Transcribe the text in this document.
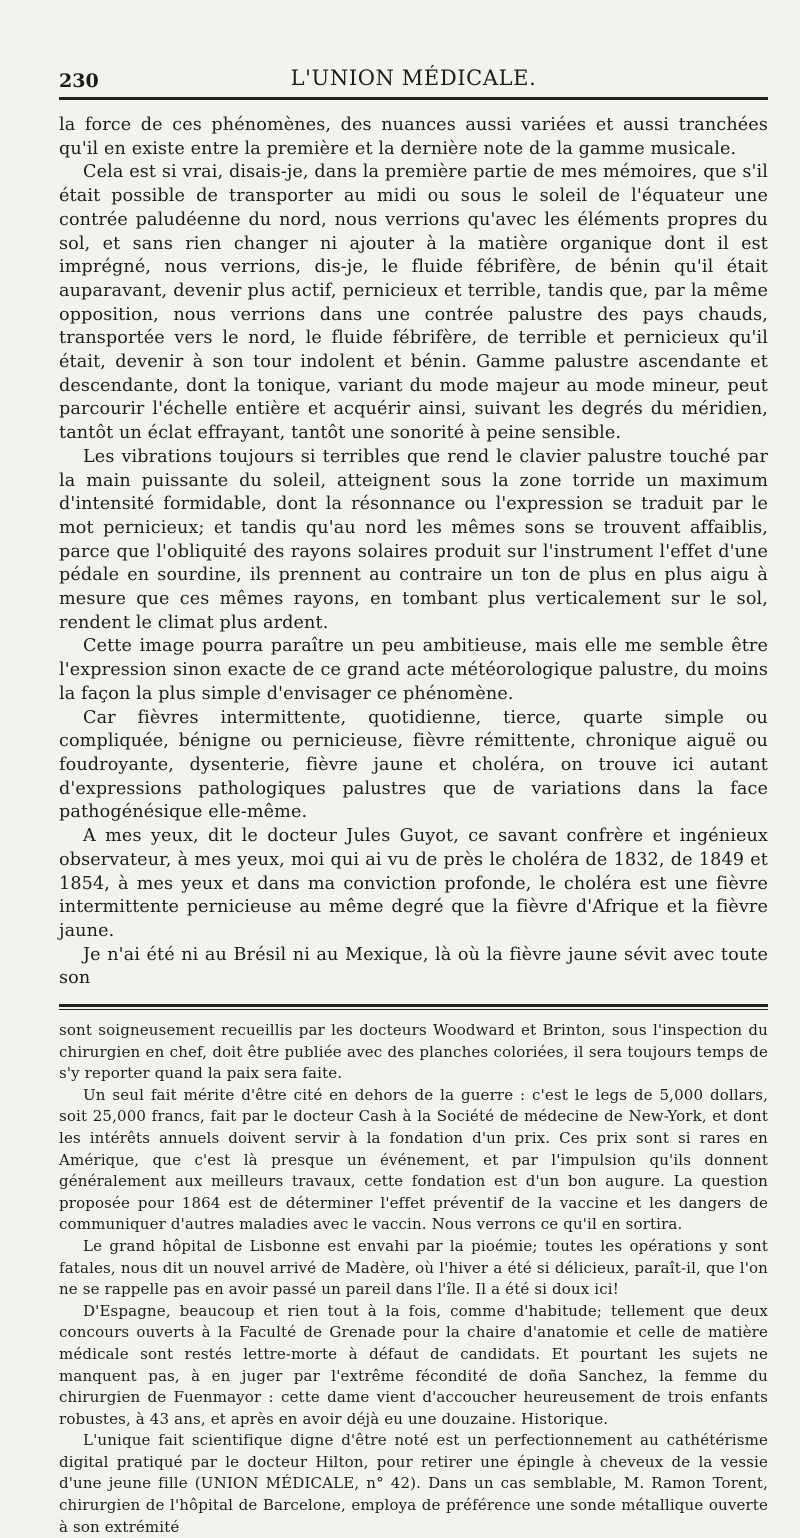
230	L'UNION MÉDICALE.

la force de ces phénomènes, des nuances aussi variées et aussi tranchées qu'il en existe entre la première et la dernière note de la gamme musicale.

Cela est si vrai, disais-je, dans la première partie de mes mémoires, que s'il était possible de transporter au midi ou sous le soleil de l'équateur une contrée paludéenne du nord, nous verrions qu'avec les éléments propres du sol, et sans rien changer ni ajouter à la matière organique dont il est imprégné, nous verrions, dis-je, le fluide fébrifère, de bénin qu'il était auparavant, devenir plus actif, pernicieux et terrible, tandis que, par la même opposition, nous verrions dans une contrée palustre des pays chauds, transportée vers le nord, le fluide fébrifère, de terrible et pernicieux qu'il était, devenir à son tour indolent et bénin. Gamme palustre ascendante et descendante, dont la tonique, variant du mode majeur au mode mineur, peut parcourir l'échelle entière et acquérir ainsi, suivant les degrés du méridien, tantôt un éclat effrayant, tantôt une sonorité à peine sensible.

Les vibrations toujours si terribles que rend le clavier palustre touché par la main puissante du soleil, atteignent sous la zone torride un maximum d'intensité formidable, dont la résonnance ou l'expression se traduit par le mot pernicieux; et tandis qu'au nord les mêmes sons se trouvent affaiblis, parce que l'obliquité des rayons solaires produit sur l'instrument l'effet d'une pédale en sourdine, ils prennent au contraire un ton de plus en plus aigu à mesure que ces mêmes rayons, en tombant plus verticalement sur le sol, rendent le climat plus ardent.

Cette image pourra paraître un peu ambitieuse, mais elle me semble être l'expression sinon exacte de ce grand acte météorologique palustre, du moins la façon la plus simple d'envisager ce phénomène.

Car fièvres intermittente, quotidienne, tierce, quarte simple ou compliquée, bénigne ou pernicieuse, fièvre rémittente, chronique aiguë ou foudroyante, dysenterie, fièvre jaune et choléra, on trouve ici autant d'expressions pathologiques palustres que de variations dans la face pathogénésique elle-même.

A mes yeux, dit le docteur Jules Guyot, ce savant confrère et ingénieux observateur, à mes yeux, moi qui ai vu de près le choléra de 1832, de 1849 et 1854, à mes yeux et dans ma conviction profonde, le choléra est une fièvre intermittente pernicieuse au même degré que la fièvre d'Afrique et la fièvre jaune.

Je n'ai été ni au Brésil ni au Mexique, là où la fièvre jaune sévit avec toute son

sont soigneusement recueillis par les docteurs Woodward et Brinton, sous l'inspection du chirurgien en chef, doit être publiée avec des planches coloriées, il sera toujours temps de s'y reporter quand la paix sera faite.

Un seul fait mérite d'être cité en dehors de la guerre : c'est le legs de 5,000 dollars, soit 25,000 francs, fait par le docteur Cash à la Société de médecine de New-York, et dont les intérêts annuels doivent servir à la fondation d'un prix. Ces prix sont si rares en Amérique, que c'est là presque un événement, et par l'impulsion qu'ils donnent généralement aux meilleurs travaux, cette fondation est d'un bon augure. La question proposée pour 1864 est de déterminer l'effet préventif de la vaccine et les dangers de communiquer d'autres maladies avec le vaccin. Nous verrons ce qu'il en sortira.

Le grand hôpital de Lisbonne est envahi par la pioémie; toutes les opérations y sont fatales, nous dit un nouvel arrivé de Madère, où l'hiver a été si délicieux, paraît-il, que l'on ne se rappelle pas en avoir passé un pareil dans l'île. Il a été si doux ici!

D'Espagne, beaucoup et rien tout à la fois, comme d'habitude; tellement que deux concours ouverts à la Faculté de Grenade pour la chaire d'anatomie et celle de matière médicale sont restés lettre-morte à défaut de candidats. Et pourtant les sujets ne manquent pas, à en juger par l'extrême fécondité de doña Sanchez, la femme du chirurgien de Fuenmayor : cette dame vient d'accoucher heureusement de trois enfants robustes, à 43 ans, et après en avoir déjà eu une douzaine. Historique.

L'unique fait scientifique digne d'être noté est un perfectionnement au cathétérisme digital pratiqué par le docteur Hilton, pour retirer une épingle à cheveux de la vessie d'une jeune fille (UNION MÉDICALE, n° 42). Dans un cas semblable, M. Ramon Torent, chirurgien de l'hôpital de Barcelone, employa de préférence une sonde métallique ouverte à son extrémité
